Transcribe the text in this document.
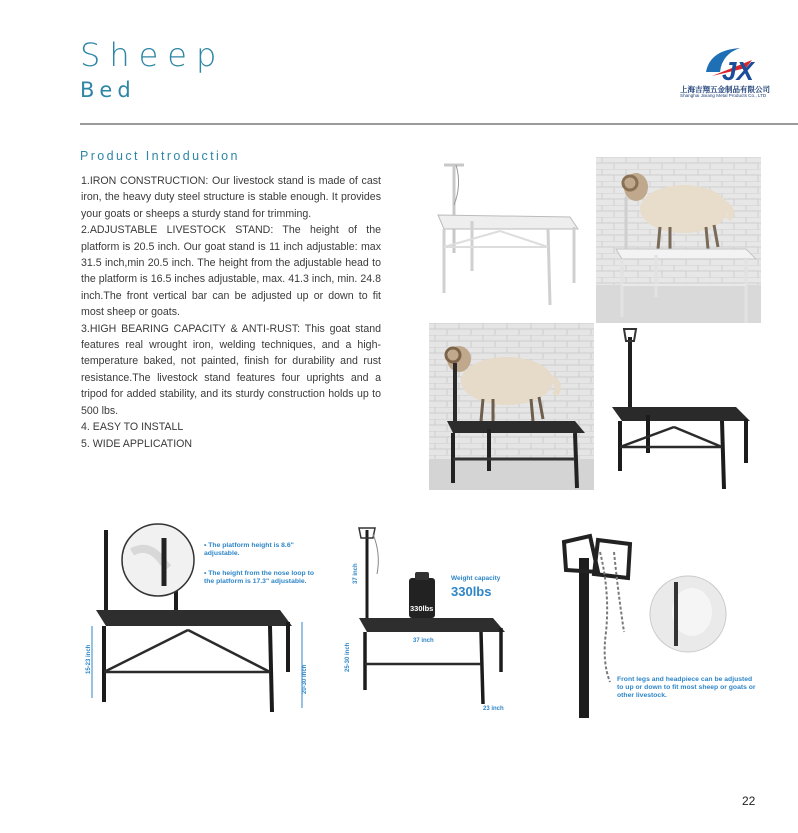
Sheep
Bed
JX
上海吉翔五金制品有限公司
Shanghai Jixiang Metal Products Co., LTD
Product Introduction

1.IRON CONSTRUCTION: Our livestock stand is made of cast iron, the heavy duty steel structure is stable enough. It provides your goats or sheeps a sturdy stand for trimming.

2.ADJUSTABLE LIVESTOCK STAND: The height of the platform is 20.5 inch. Our goat stand is 11 inch adjustable: max 31.5 inch,min 20.5 inch. The height from the adjustable head to the platform is 16.5 inches adjustable, max. 41.3 inch, min. 24.8 inch.The front vertical bar can be adjusted up or down to fit most sheep or goats.

3.HIGH BEARING CAPACITY & ANTI-RUST: This goat stand features real wrought iron, welding techniques, and a high-temperature baked, not painted, finish for durability and rust resistance.The livestock stand features four uprights and a tripod for added stability, and its sturdy construction holds up to 500 lbs.

4. EASY TO INSTALL

5. WIDE APPLICATION

15-23 inch
20-30 inch
• The platform height is 8.6" adjustable.
• The height from the nose loop to the platform is 17.3" adjustable.
330lbs
37 inch
25-30 inch
37 inch
23 inch
Weight capacity
330lbs
Front legs and headpiece can be adjusted to up or down to fit most sheep or goats or other livestock.
22
